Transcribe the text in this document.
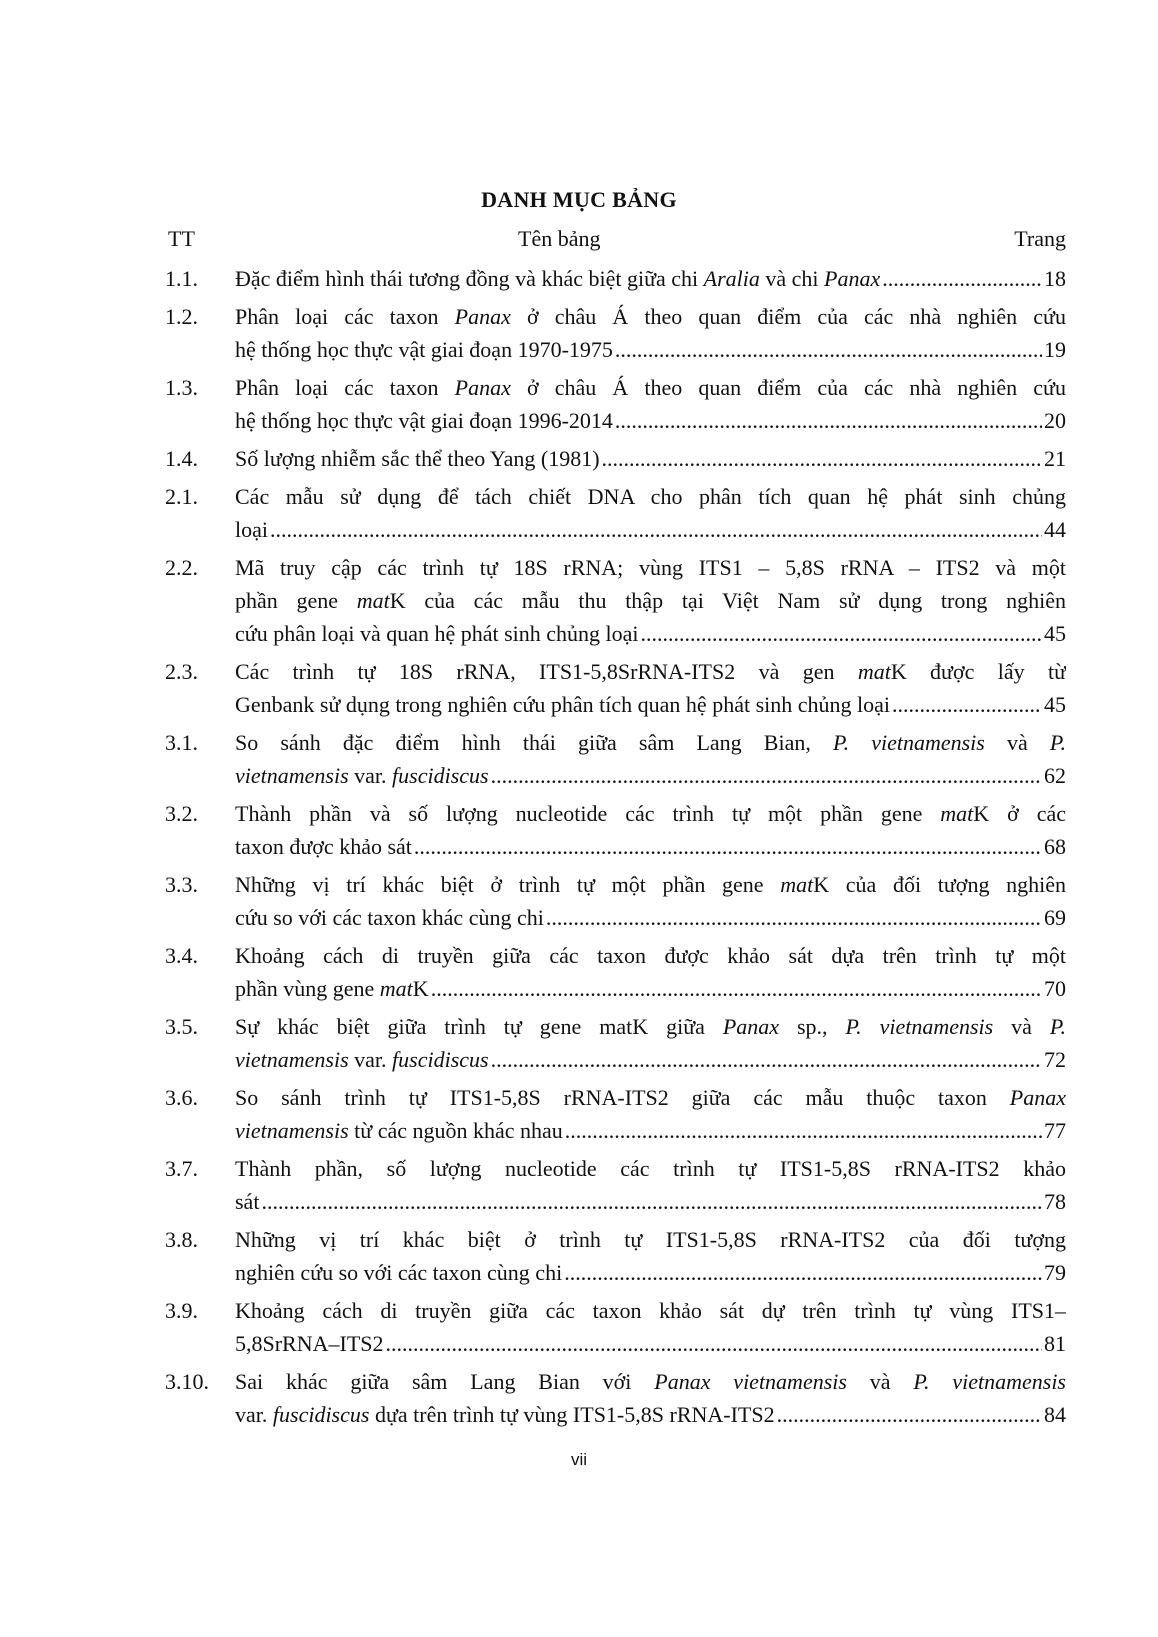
DANH MỤC BẢNG
TT	Tên bảng	Trang
1.1. Đặc điểm hình thái tương đồng và khác biệt giữa chi Aralia và chi Panax .....	18
1.2. Phân loại các taxon Panax ở châu Á theo quan điểm của các nhà nghiên cứu
hệ thống học thực vật giai đoạn 1970-1975 .....	19
1.3. Phân loại các taxon Panax ở châu Á theo quan điểm của các nhà nghiên cứu
hệ thống học thực vật giai đoạn 1996-2014 .....	20
1.4. Số lượng nhiễm sắc thể theo Yang (1981) .....	21
2.1. Các mẫu sử dụng để tách chiết DNA cho phân tích quan hệ phát sinh chủng
loại .....	44
2.2. Mã truy cập các trình tự 18S rRNA; vùng ITS1 – 5,8S rRNA – ITS2 và một
phần gene matK của các mẫu thu thập tại Việt Nam sử dụng trong nghiên
cứu phân loại và quan hệ phát sinh chủng loại .....	45
2.3. Các trình tự 18S rRNA, ITS1-5,8SrRNA-ITS2 và gen matK được lấy từ
Genbank sử dụng trong nghiên cứu phân tích quan hệ phát sinh chủng loại .....	45
3.1. So sánh đặc điểm hình thái giữa sâm Lang Bian, P. vietnamensis và P.
vietnamensis var. fuscidiscus .....	62
3.2. Thành phần và số lượng nucleotide các trình tự một phần gene matK ở các
taxon được khảo sát .....	68
3.3. Những vị trí khác biệt ở trình tự một phần gene matK của đối tượng nghiên
cứu so với các taxon khác cùng chi .....	69
3.4. Khoảng cách di truyền giữa các taxon được khảo sát dựa trên trình tự một
phần vùng gene matK .....	70
3.5. Sự khác biệt giữa trình tự gene matK giữa Panax sp., P. vietnamensis và P.
vietnamensis var. fuscidiscus .....	72
3.6. So sánh trình tự ITS1-5,8S rRNA-ITS2 giữa các mẫu thuộc taxon Panax
vietnamensis từ các nguồn khác nhau .....	77
3.7. Thành phần, số lượng nucleotide các trình tự ITS1-5,8S rRNA-ITS2 khảo
sát .....	78
3.8. Những vị trí khác biệt ở trình tự ITS1-5,8S rRNA-ITS2 của đối tượng
nghiên cứu so với các taxon cùng chi .....	79
3.9. Khoảng cách di truyền giữa các taxon khảo sát dự trên trình tự vùng ITS1–
5,8SrRNA–ITS2 .....	81
3.10. Sai khác giữa sâm Lang Bian với Panax vietnamensis và P. vietnamensis
var. fuscidiscus dựa trên trình tự vùng ITS1-5,8S rRNA-ITS2 .....	84
vii
